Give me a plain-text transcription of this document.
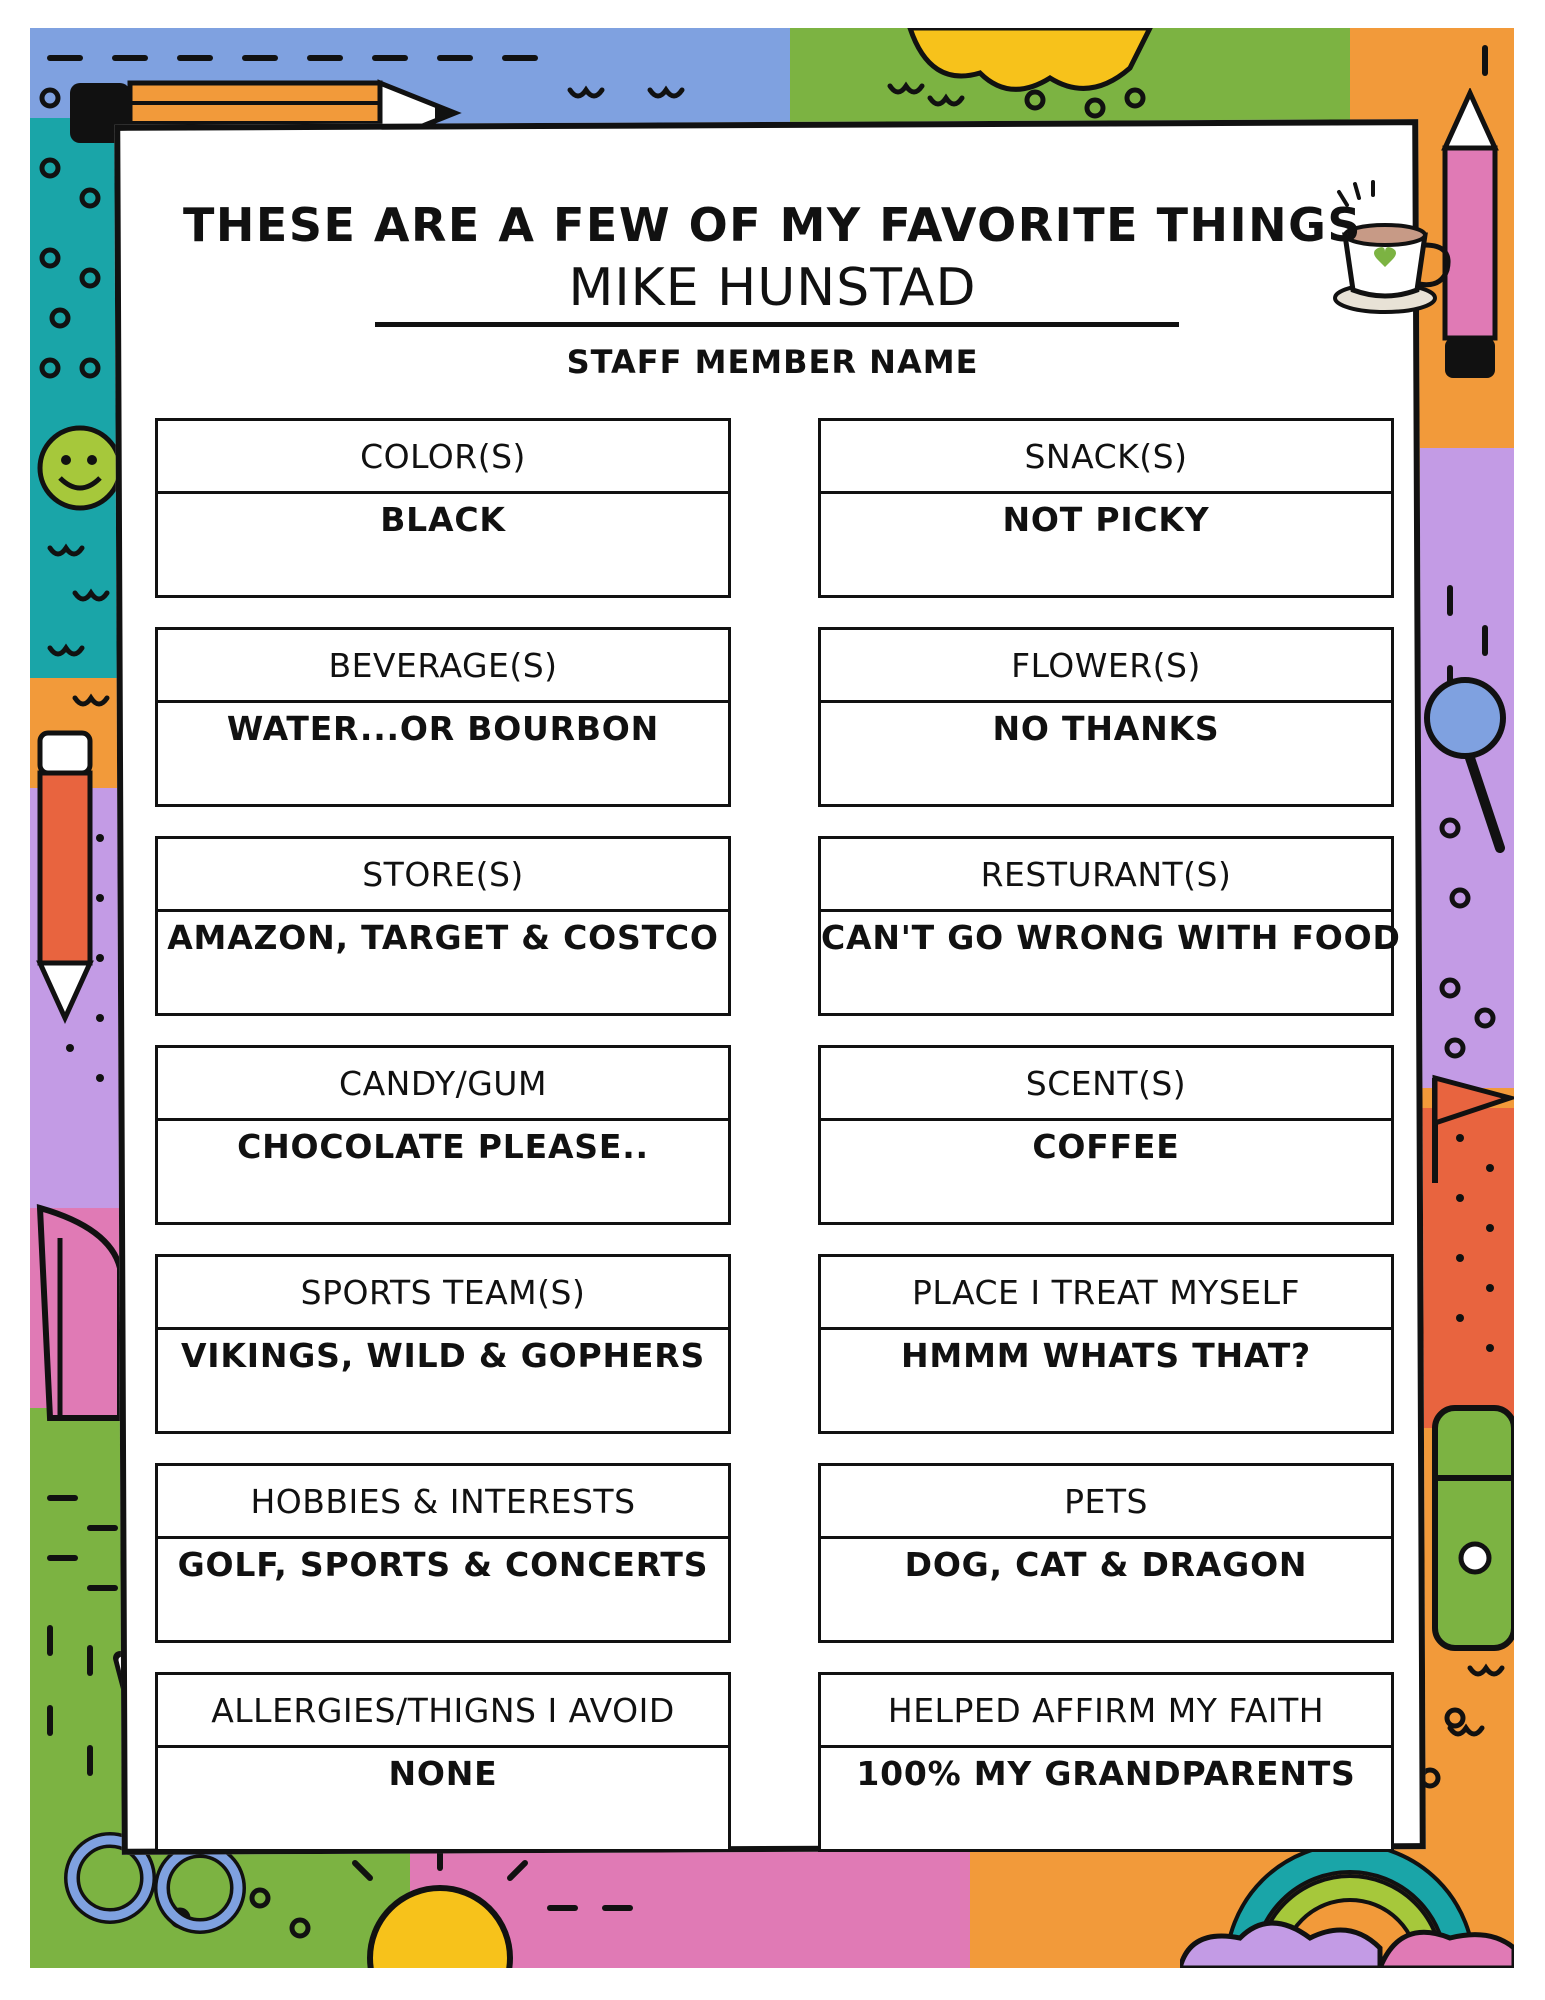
THESE ARE A FEW OF MY FAVORITE THINGS
MIKE HUNSTAD
STAFF MEMBER NAME
COLOR(S)
BLACK
BEVERAGE(S)
WATER...OR BOURBON
STORE(S)
AMAZON, TARGET & COSTCO
CANDY/GUM
CHOCOLATE PLEASE..
SPORTS TEAM(S)
VIKINGS, WILD & GOPHERS
HOBBIES & INTERESTS
GOLF, SPORTS & CONCERTS
ALLERGIES/THIGNS I AVOID
NONE
SNACK(S)
NOT PICKY
FLOWER(S)
NO THANKS
RESTURANT(S)
CAN'T GO WRONG WITH FOOD
SCENT(S)
COFFEE
PLACE I TREAT MYSELF
HMMM WHATS THAT?
PETS
DOG, CAT & DRAGON
HELPED AFFIRM MY FAITH
100% MY GRANDPARENTS
